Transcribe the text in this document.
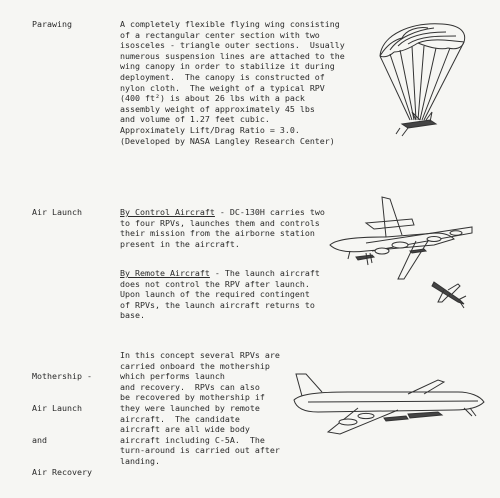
Parawing	A completely flexible flying wing consisting
of a rectangular center section with two
isosceles - triangle outer sections.  Usually
numerous suspension lines are attached to the
wing canopy in order to stabilize it during
deployment.  The canopy is constructed of
nylon cloth.  The weight of a typical RPV
(400 ft²) is about 26 lbs with a pack
assembly weight of approximately 45 lbs
and volume of 1.27 feet cubic.
Approximately Lift/Drag Ratio = 3.0.
(Developed by NASA Langley Research Center)
Air Launch	By Control Aircraft - DC-130H carries two
to four RPVs, launches them and controls
their mission from the airborne station
present in the aircraft.
By Remote Aircraft - The launch aircraft
does not control the RPV after launch.
Upon launch of the required contingent
of RPVs, the launch aircraft returns to
base.

Mothership -

Air Launch

and

Air Recovery

In this concept several RPVs are
carried onboard the mothership
which performs launch
and recovery.  RPVs can also
be recovered by mothership if
they were launched by remote
aircraft.  The candidate
aircraft are all wide body
aircraft including C-5A.  The
turn-around is carried out after
landing.
